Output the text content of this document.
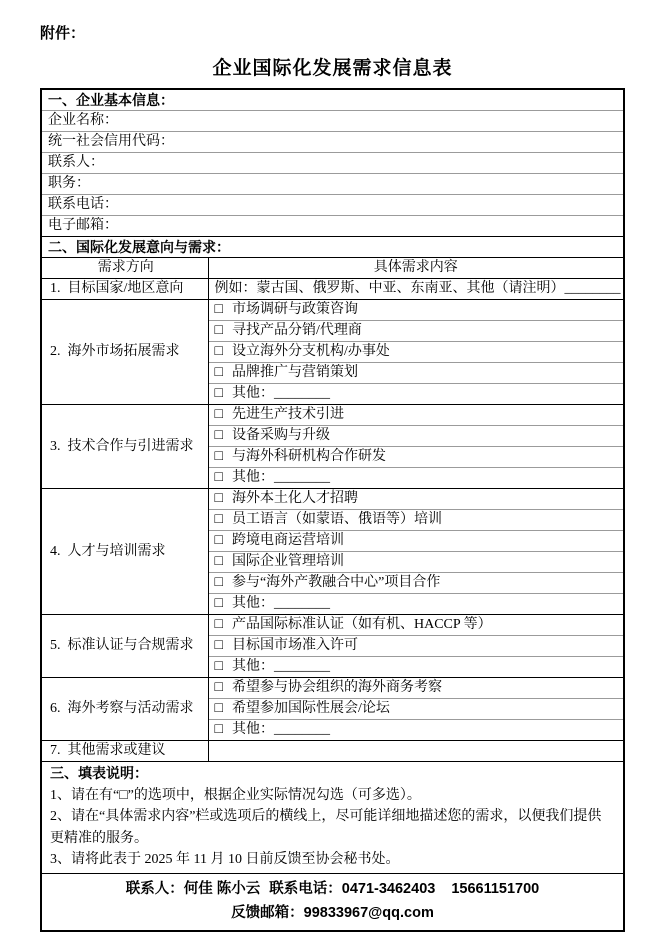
附件：
企业国际化发展需求信息表
一、企业基本信息：	
企业名称：	
统一社会信用代码：	
联系人：	
职务：	
联系电话：	
电子邮箱：	
二、国际化发展意向与需求：	
需求方向	具体需求内容
1.  目标国家/地区意向	例如：蒙古国、俄罗斯、中亚、东南亚、其他（请注明）________
2.  海外市场拓展需求	□ 市场调研与政策咨询
	□ 寻找产品分销/代理商
	□ 设立海外分支机构/办事处
	□ 品牌推广与营销策划
	□ 其他：________
3.  技术合作与引进需求	□ 先进生产技术引进
	□ 设备采购与升级
	□ 与海外科研机构合作研发
	□ 其他：________
4.  人才与培训需求	□ 海外本土化人才招聘
	□ 员工语言（如蒙语、俄语等）培训
	□ 跨境电商运营培训
	□ 国际企业管理培训
	□ 参与“海外产教融合中心”项目合作
	□ 其他：________
5.  标准认证与合规需求	□ 产品国际标准认证（如有机、HACCP 等）
	□ 目标国市场准入许可
	□ 其他：________
6.  海外考察与活动需求	□ 希望参与协会组织的海外商务考察
	□ 希望参加国际性展会/论坛
	□ 其他：________
7.  其他需求或建议	

三、填表说明：
1、请在有“□”的选项中，根据企业实际情况勾选（可多选）。
2、请在“具体需求内容”栏或选项后的横线上，尽可能详细地描述您的需求，以便我们提供更精准的服务。
3、请将此表于 2025 年 11 月 10 日前反馈至协会秘书处。	

联系人：何佳 陈小云 联系电话：0471-3462403 15661151700
反馈邮箱：99833967@qq.com	
